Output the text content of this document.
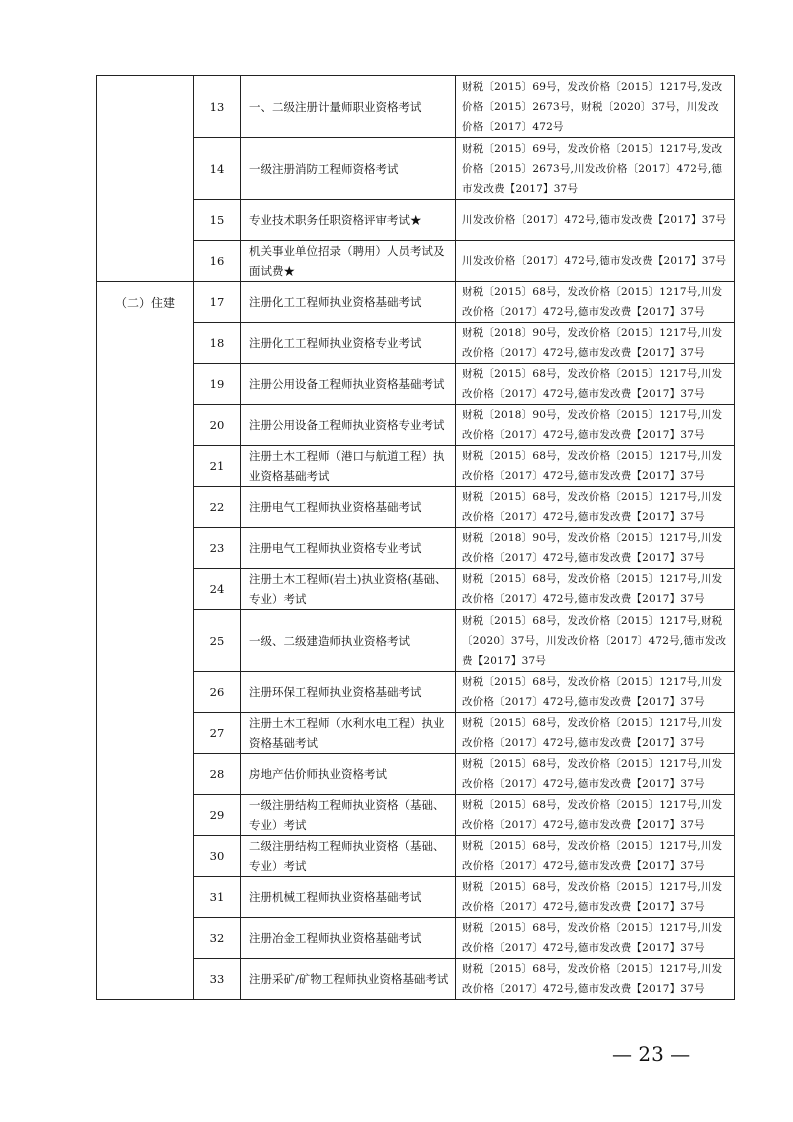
	13	一、二级注册计量师职业资格考试	财税〔2015〕69号，发改价格〔2015〕1217号,发改价格〔2015〕2673号，财税〔2020〕37号，川发改价格〔2017〕472号
	14	一级注册消防工程师资格考试	财税〔2015〕69号，发改价格〔2015〕1217号,发改价格〔2015〕2673号,川发改价格〔2017〕472号,德市发改费【2017】37号
	15	专业技术职务任职资格评审考试★	川发改价格〔2017〕472号,德市发改费【2017】37号
	16	机关事业单位招录（聘用）人员考试及面试费★	川发改价格〔2017〕472号,德市发改费【2017】37号
（二）住建	17	注册化工工程师执业资格基础考试	财税〔2015〕68号，发改价格〔2015〕1217号,川发改价格〔2017〕472号,德市发改费【2017】37号
	18	注册化工工程师执业资格专业考试	财税〔2018〕90号，发改价格〔2015〕1217号,川发改价格〔2017〕472号,德市发改费【2017】37号
	19	注册公用设备工程师执业资格基础考试	财税〔2015〕68号，发改价格〔2015〕1217号,川发改价格〔2017〕472号,德市发改费【2017】37号
	20	注册公用设备工程师执业资格专业考试	财税〔2018〕90号，发改价格〔2015〕1217号,川发改价格〔2017〕472号,德市发改费【2017】37号
	21	注册土木工程师（港口与航道工程）执业资格基础考试	财税〔2015〕68号，发改价格〔2015〕1217号,川发改价格〔2017〕472号,德市发改费【2017】37号
	22	注册电气工程师执业资格基础考试	财税〔2015〕68号，发改价格〔2015〕1217号,川发改价格〔2017〕472号,德市发改费【2017】37号
	23	注册电气工程师执业资格专业考试	财税〔2018〕90号，发改价格〔2015〕1217号,川发改价格〔2017〕472号,德市发改费【2017】37号
	24	注册土木工程师(岩土)执业资格(基础、专业）考试	财税〔2015〕68号，发改价格〔2015〕1217号,川发改价格〔2017〕472号,德市发改费【2017】37号
	25	一级、二级建造师执业资格考试	财税〔2015〕68号，发改价格〔2015〕1217号,财税〔2020〕37号，川发改价格〔2017〕472号,德市发改费【2017】37号
	26	注册环保工程师执业资格基础考试	财税〔2015〕68号，发改价格〔2015〕1217号,川发改价格〔2017〕472号,德市发改费【2017】37号
	27	注册土木工程师（水利水电工程）执业资格基础考试	财税〔2015〕68号，发改价格〔2015〕1217号,川发改价格〔2017〕472号,德市发改费【2017】37号
	28	房地产估价师执业资格考试	财税〔2015〕68号，发改价格〔2015〕1217号,川发改价格〔2017〕472号,德市发改费【2017】37号
	29	一级注册结构工程师执业资格（基础、专业）考试	财税〔2015〕68号，发改价格〔2015〕1217号,川发改价格〔2017〕472号,德市发改费【2017】37号
	30	二级注册结构工程师执业资格（基础、专业）考试	财税〔2015〕68号，发改价格〔2015〕1217号,川发改价格〔2017〕472号,德市发改费【2017】37号
	31	注册机械工程师执业资格基础考试	财税〔2015〕68号，发改价格〔2015〕1217号,川发改价格〔2017〕472号,德市发改费【2017】37号
	32	注册冶金工程师执业资格基础考试	财税〔2015〕68号，发改价格〔2015〕1217号,川发改价格〔2017〕472号,德市发改费【2017】37号
	33	注册采矿/矿物工程师执业资格基础考试	财税〔2015〕68号，发改价格〔2015〕1217号,川发改价格〔2017〕472号,德市发改费【2017】37号
— 23 —
